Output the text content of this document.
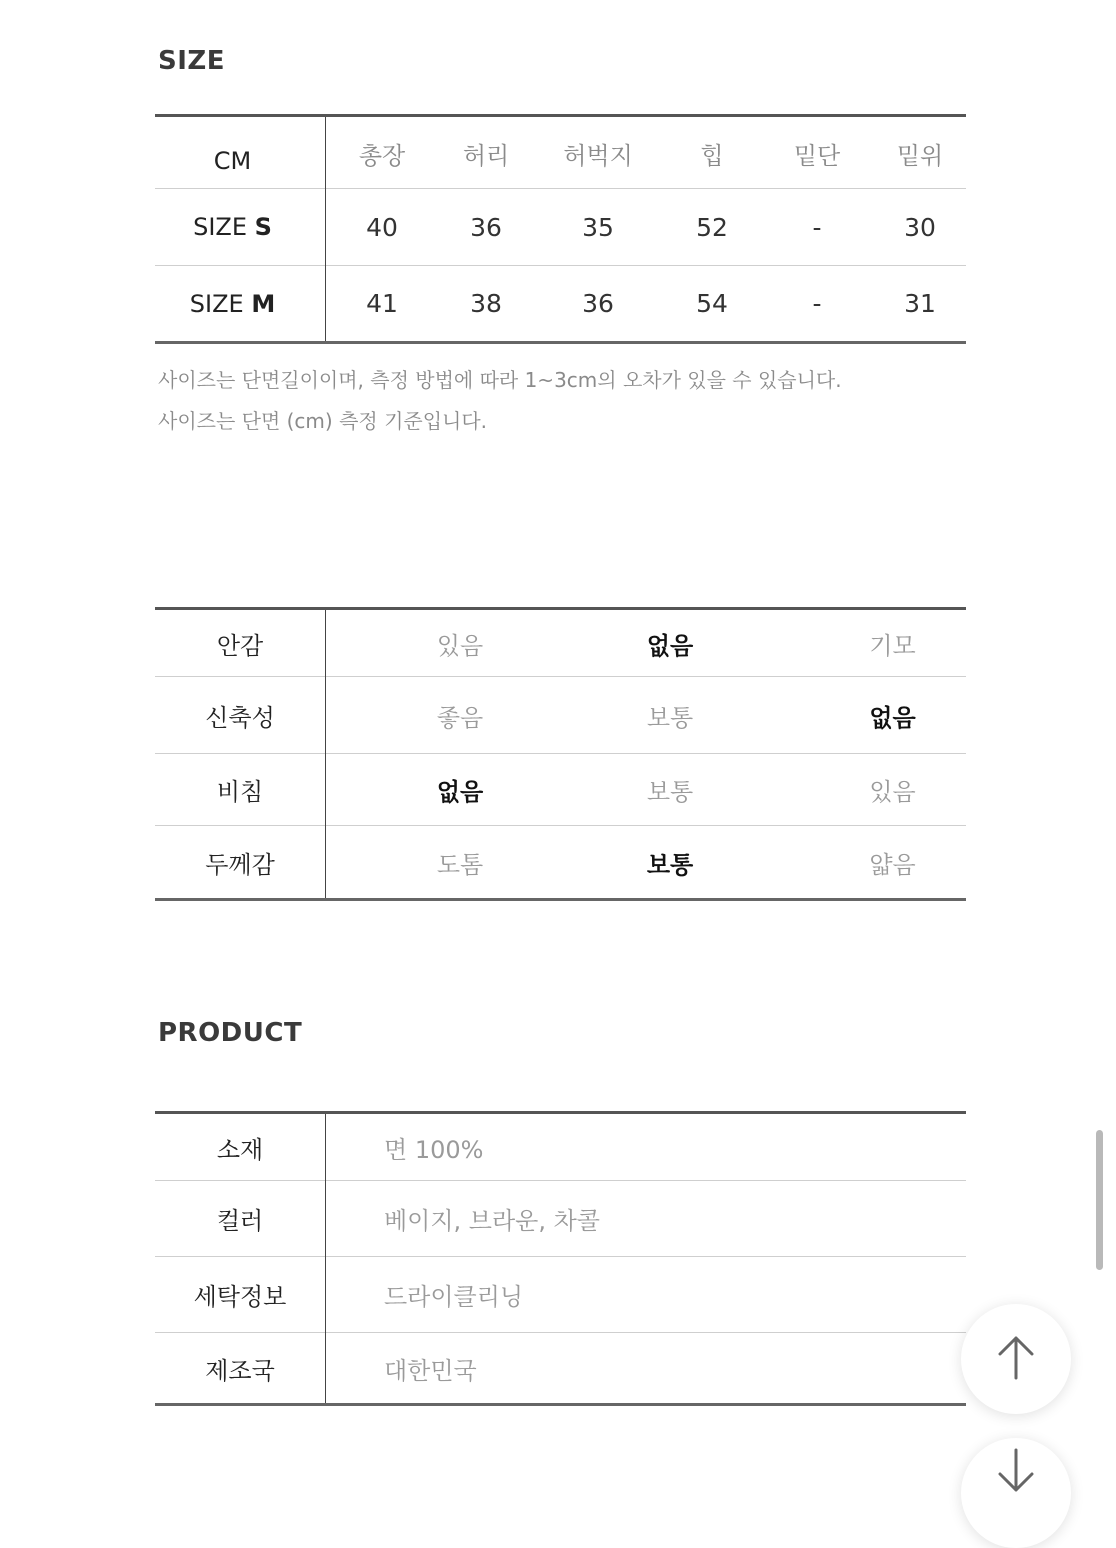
SIZE
CM	총장	허리	허벅지	힙	밑단	밑위
SIZE S	40	36	35	52	-	30
SIZE M	41	38	36	54	-	31
사이즈는 단면길이이며, 측정 방법에 따라 1~3cm의 오차가 있을 수 있습니다.
사이즈는 단면 (cm) 측정 기준입니다.
안감	있음	없음	기모
신축성	좋음	보통	없음
비침	없음	보통	있음
두께감	도톰	보통	얇음
PRODUCT
소재	면 100%
컬러	베이지, 브라운, 차콜
세탁정보	드라이클리닝
제조국	대한민국
